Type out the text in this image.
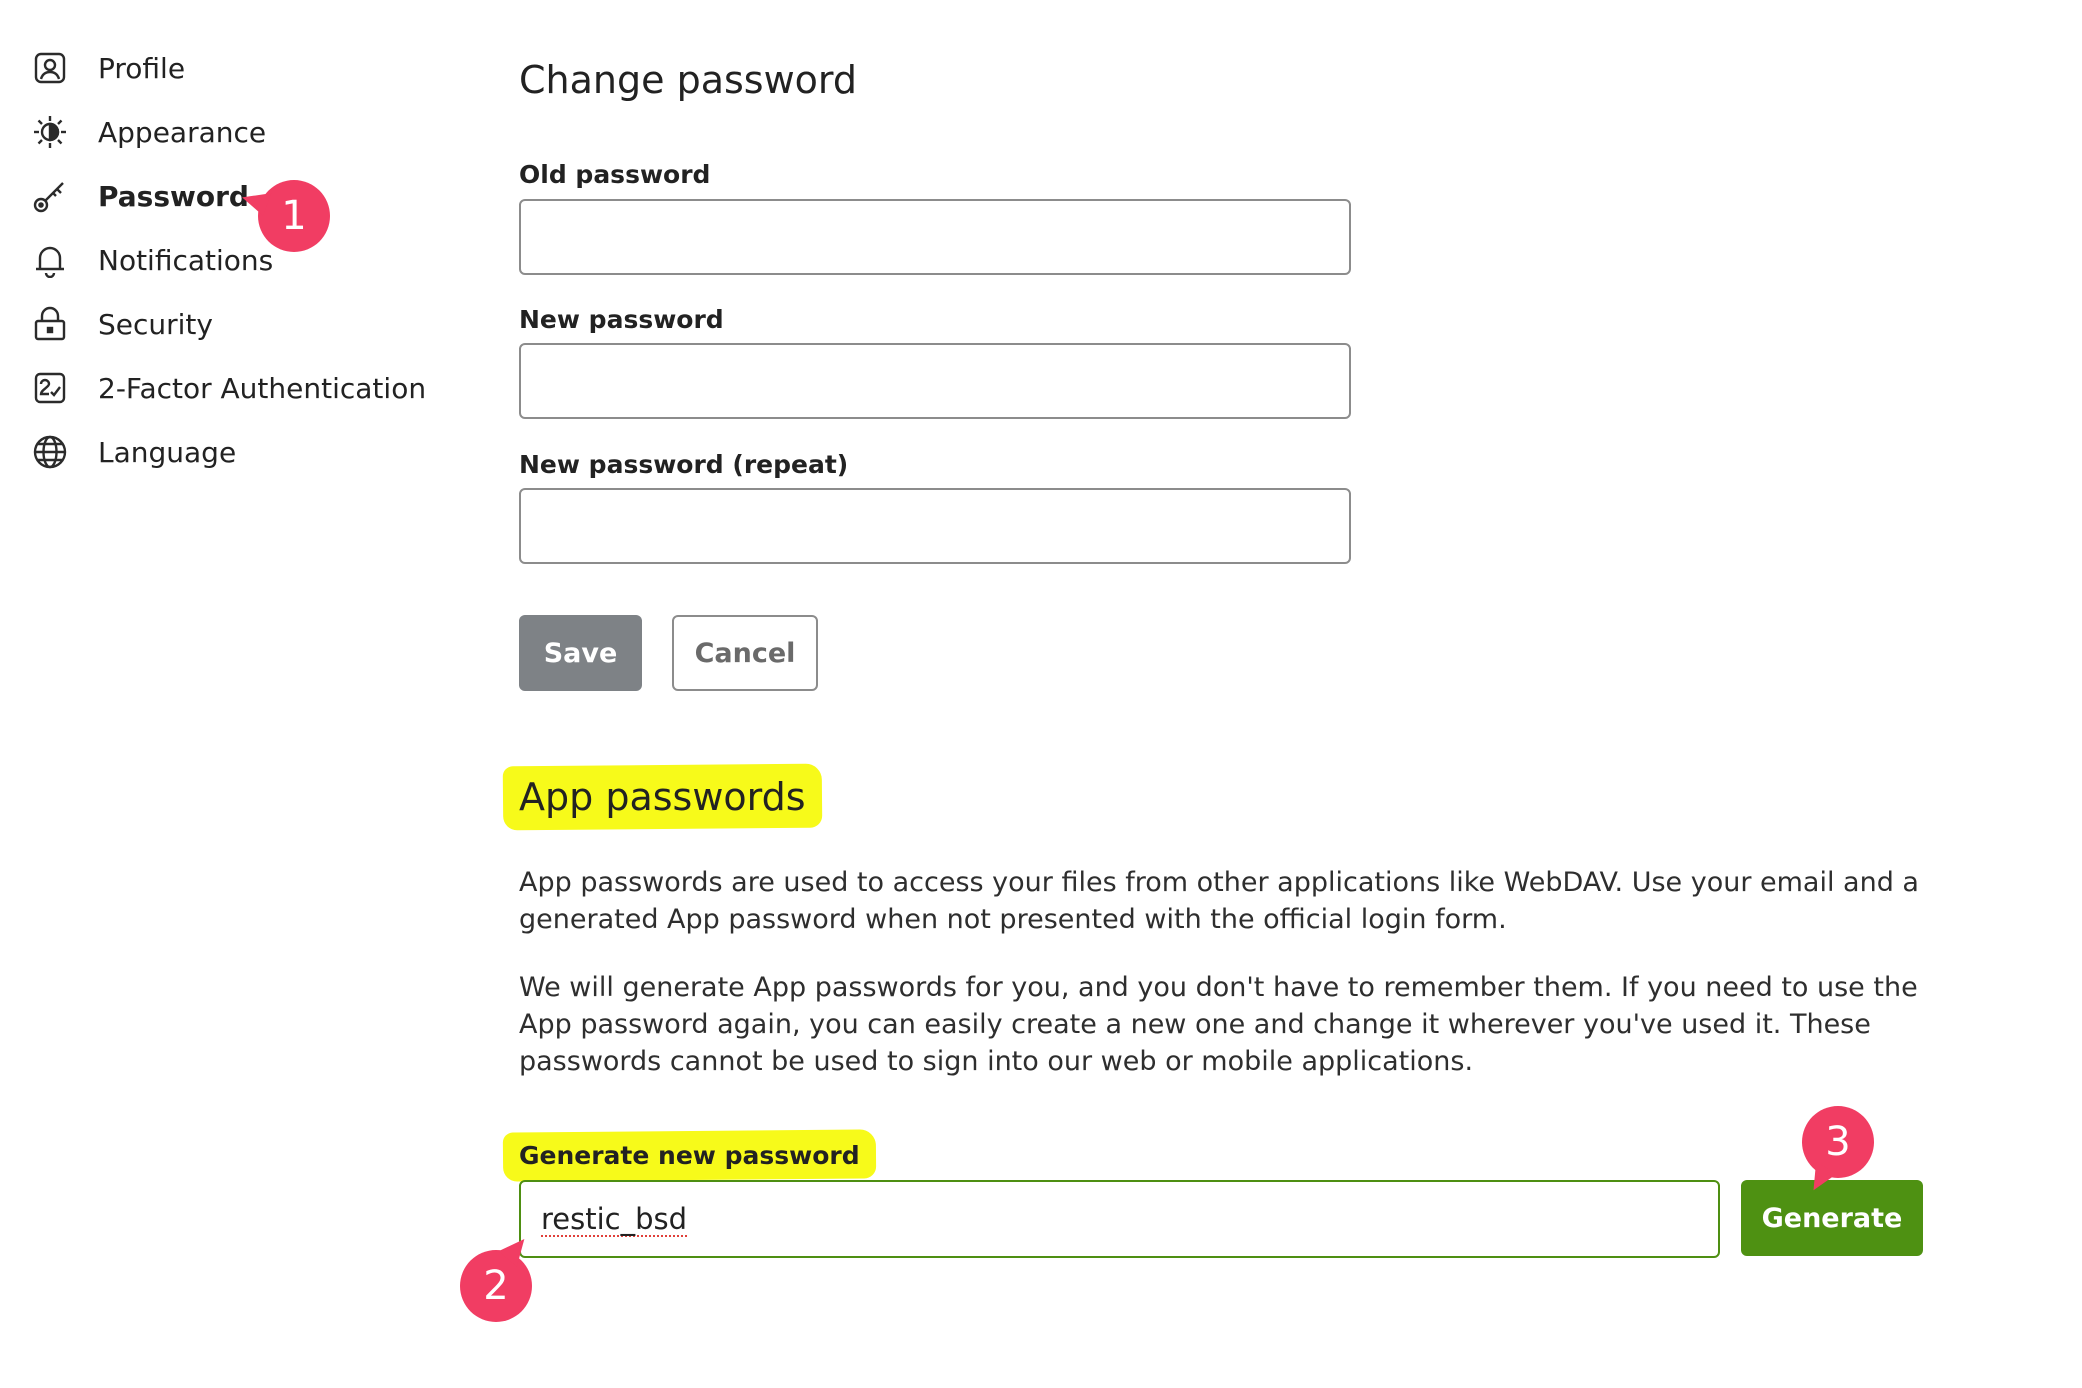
Profile
Appearance
Password
Notifications
Security
2-Factor Authentication
Language
Change password
Old password
New password
New password (repeat)
Save	Cancel
App passwords

App passwords are used to access your files from other applications like WebDAV. Use your email and a generated App password when not presented with the official login form.

We will generate App passwords for you, and you don't have to remember them. If you need to use the App password again, you can easily create a new one and change it wherever you've used it. These passwords cannot be used to sign into our web or mobile applications.

Generate new password
restic_bsd	Generate
1
2
3
